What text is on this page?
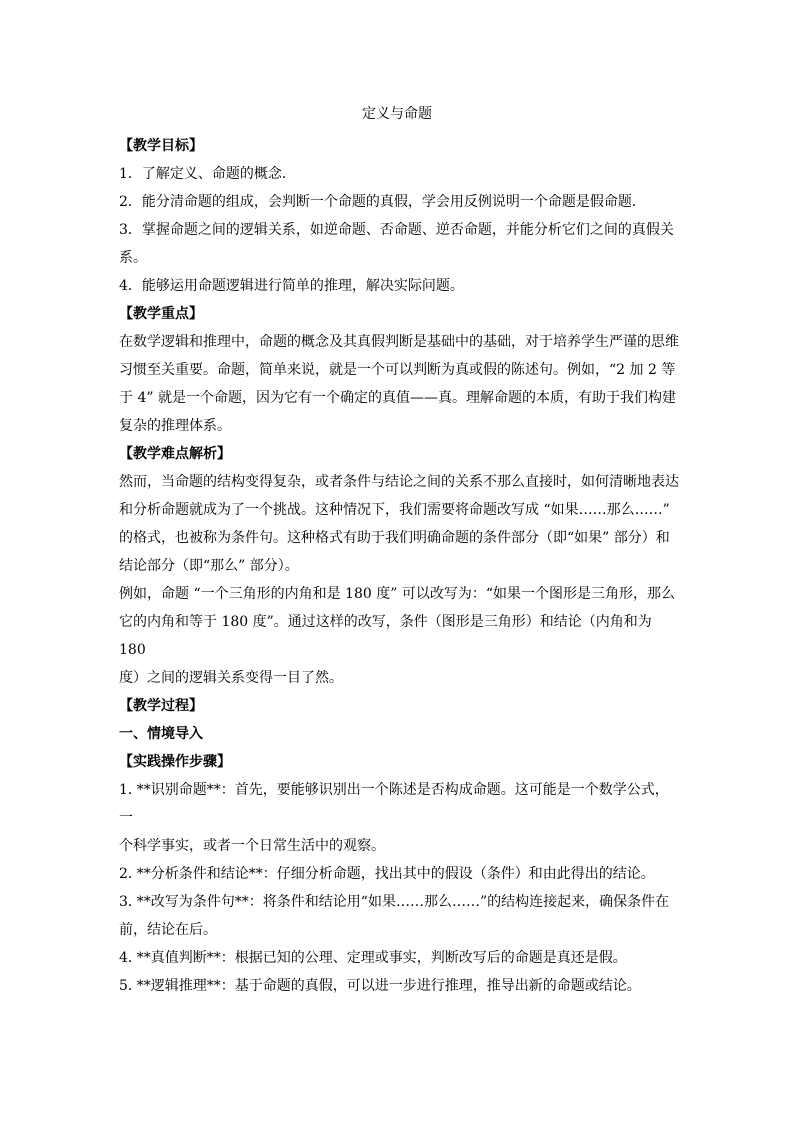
定义与命题

【教学目标】

1．了解定义、命题的概念．

2．能分清命题的组成，会判断一个命题的真假，学会用反例说明一个命题是假命题．

3．掌握命题之间的逻辑关系，如逆命题、否命题、逆否命题，并能分析它们之间的真假关

系。

4．能够运用命题逻辑进行简单的推理，解决实际问题。

【教学重点】

在数学逻辑和推理中，命题的概念及其真假判断是基础中的基础，对于培养学生严谨的思维

习惯至关重要。命题，简单来说，就是一个可以判断为真或假的陈述句。例如，“2 加 2 等

于 4” 就是一个命题，因为它有一个确定的真值——真。理解命题的本质，有助于我们构建

复杂的推理体系。

【教学难点解析】

然而，当命题的结构变得复杂，或者条件与结论之间的关系不那么直接时，如何清晰地表达

和分析命题就成为了一个挑战。这种情况下，我们需要将命题改写成 “如果……那么……”

的格式，也被称为条件句。这种格式有助于我们明确命题的条件部分（即“如果” 部分）和

结论部分（即“那么” 部分）。

例如，命题 “一个三角形的内角和是 180 度” 可以改写为：“如果一个图形是三角形，那么

它的内角和等于 180 度”。通过这样的改写，条件（图形是三角形）和结论（内角和为 180

度）之间的逻辑关系变得一目了然。

【教学过程】

一、情境导入

【实践操作步骤】

1. **识别命题**：首先，要能够识别出一个陈述是否构成命题。这可能是一个数学公式，一

个科学事实，或者一个日常生活中的观察。

2. **分析条件和结论**：仔细分析命题，找出其中的假设（条件）和由此得出的结论。

3. **改写为条件句**：将条件和结论用“如果……那么……”的结构连接起来，确保条件在

前，结论在后。

4. **真值判断**：根据已知的公理、定理或事实，判断改写后的命题是真还是假。

5. **逻辑推理**：基于命题的真假，可以进一步进行推理，推导出新的命题或结论。
